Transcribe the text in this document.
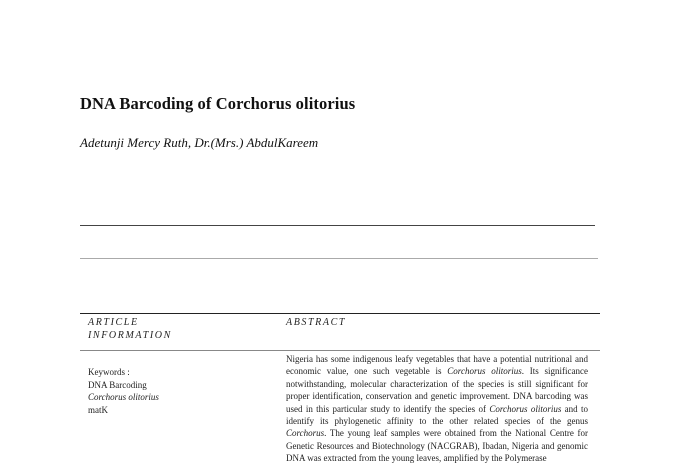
DNA Barcoding of Corchorus olitorius
Adetunji Mercy Ruth, Dr.(Mrs.) AbdulKareem
ARTICLE
INFORMATION
ABSTRACT
Keywords :
DNA Barcoding
Corchorus olitorius
matK

Nigeria has some indigenous leafy vegetables that have a potential nutritional and economic value, one such vegetable is Corchorus olitorius. Its significance notwithstanding, molecular characterization of the species is still significant for proper identification, conservation and genetic improvement. DNA barcoding was used in this particular study to identify the species of Corchorus olitorius and to identify its phylogenetic affinity to the other related species of the genus Corchorus. The young leaf samples were obtained from the National Centre for Genetic Resources and Biotechnology (NACGRAB), Ibadan, Nigeria and genomic DNA was extracted from the young leaves, amplified by the Polymerase
